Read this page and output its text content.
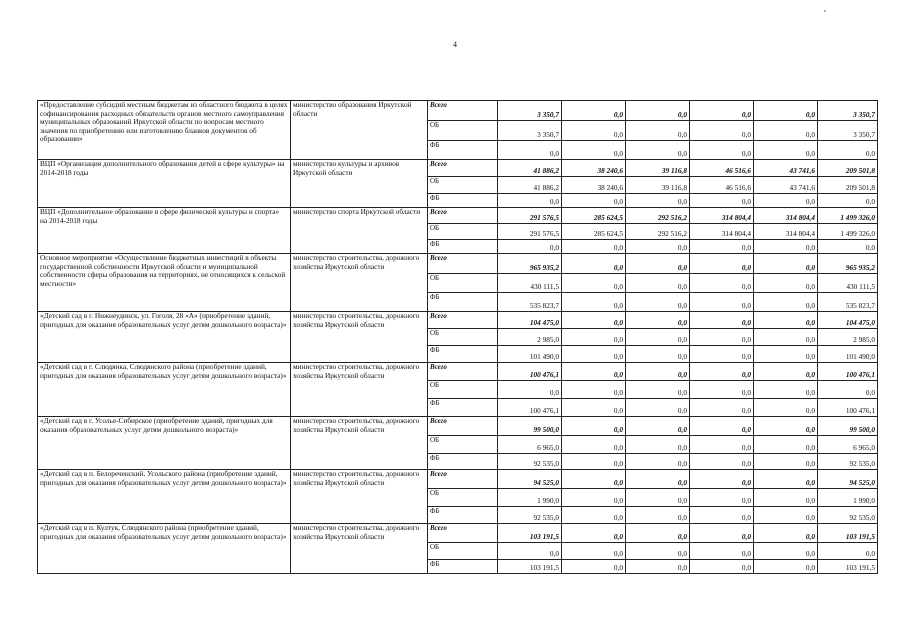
4
«Предоставление субсидий местным бюджетам из областного бюджета в целях софинансирования расходных обязательств органов местного самоуправления муниципальных образований Иркутской области по вопросам местного значения по приобретению или изготовлению бланков документов об образовании»	министерство образования Иркутской области	Всего	3 350,7	0,0	0,0	0,0	0,0	3 350,7
		ОБ	3 350,7	0,0	0,0	0,0	0,0	3 350,7
		ФБ	0,0	0,0	0,0	0,0	0,0	0,0
ВЦП «Организация дополнительного образования детей в сфере культуры» на 2014-2018 годы	министерство культуры и архивов Иркутской области	Всего	41 886,2	38 240,6	39 116,8	46 516,6	43 741,6	209 501,8
		ОБ	41 886,2	38 240,6	39 116,8	46 516,6	43 741,6	209 501,8
		ФБ	0,0	0,0	0,0	0,0	0,0	0,0
ВЦП «Дополнительное образование в сфере физической культуры и спорта» на 2014-2018 годы	министерство спорта Иркутской области	Всего	291 576,5	285 624,5	292 516,2	314 804,4	314 804,4	1 499 326,0
		ОБ	291 576,5	285 624,5	292 516,2	314 804,4	314 804,4	1 499 326,0
		ФБ	0,0	0,0	0,0	0,0	0,0	0,0
Основное мероприятие «Осуществление бюджетных инвестиций в объекты государственной собственности Иркутской области и муниципальной собственности сферы образования на территориях, не относящихся к сельской местности»	министерство строительства, дорожного хозяйства Иркутской области	Всего	965 935,2	0,0	0,0	0,0	0,0	965 935,2
		ОБ	430 111,5	0,0	0,0	0,0	0,0	430 111,5
		ФБ	535 823,7	0,0	0,0	0,0	0,0	535 823,7
«Детский сад в г. Нижнеудинск, ул. Гоголя, 28 «А» (приобретение зданий, пригодных для оказания образовательных услуг детям дошкольного возраста)»	министерство строительства, дорожного хозяйства Иркутской области	Всего	104 475,0	0,0	0,0	0,0	0,0	104 475,0
		ОБ	2 985,0	0,0	0,0	0,0	0,0	2 985,0
		ФБ	101 490,0	0,0	0,0	0,0	0,0	101 490,0
«Детский сад в г. Слюдянка, Слюдянского района (приобретение зданий, пригодных для оказания образовательных услуг детям дошкольного возраста)»	министерство строительства, дорожного хозяйства Иркутской области	Всего	100 476,1	0,0	0,0	0,0	0,0	100 476,1
		ОБ	0,0	0,0	0,0	0,0	0,0	0,0
		ФБ	100 476,1	0,0	0,0	0,0	0,0	100 476,1
«Детский сад в г. Усолье-Сибирское (приобретение зданий, пригодных для оказания образовательных услуг детям дошкольного возраста)»	министерство строительства, дорожного хозяйства Иркутской области	Всего	99 500,0	0,0	0,0	0,0	0,0	99 500,0
		ОБ	6 965,0	0,0	0,0	0,0	0,0	6 965,0
		ФБ	92 535,0	0,0	0,0	0,0	0,0	92 535,0
«Детский сад в п. Белореченский, Усольского района (приобретение зданий, пригодных для оказания образовательных услуг детям дошкольного возраста)»	министерство строительства, дорожного хозяйства Иркутской области	Всего	94 525,0	0,0	0,0	0,0	0,0	94 525,0
		ОБ	1 990,0	0,0	0,0	0,0	0,0	1 990,0
		ФБ	92 535,0	0,0	0,0	0,0	0,0	92 535,0
«Детский сад в п. Култук, Слюдянского района (приобретение зданий, пригодных для оказания образовательных услуг детям дошкольного возраста)»	министерство строительства, дорожного хозяйства Иркутской области	Всего	103 191,5	0,0	0,0	0,0	0,0	103 191,5
		ОБ	0,0	0,0	0,0	0,0	0,0	0,0
		ФБ	103 191,5	0,0	0,0	0,0	0,0	103 191,5
